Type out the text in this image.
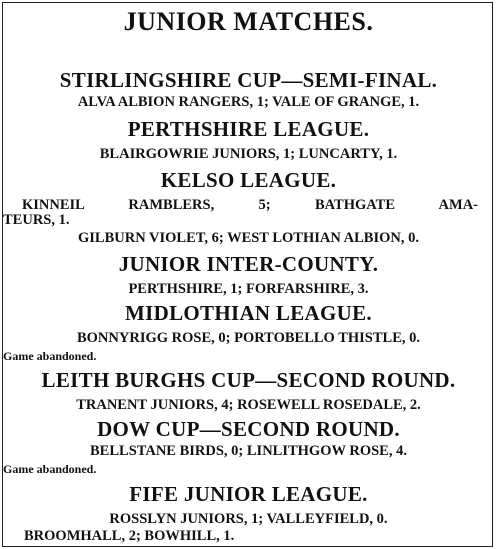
JUNIOR MATCHES.
STIRLINGSHIRE CUP—SEMI-FINAL.
ALVA ALBION RANGERS, 1; VALE OF GRANGE, 1.
PERTHSHIRE LEAGUE.
BLAIRGOWRIE JUNIORS, 1; LUNCARTY, 1.
KELSO LEAGUE.
KINNEIL RAMBLERS, 5; BATHGATE AMA-
TEURS, 1.
GILBURN VIOLET, 6; WEST LOTHIAN ALBION, 0.
JUNIOR INTER-COUNTY.
PERTHSHIRE, 1; FORFARSHIRE, 3.
MIDLOTHIAN LEAGUE.
BONNYRIGG ROSE, 0; PORTOBELLO THISTLE, 0.
Game abandoned.
LEITH BURGHS CUP—SECOND ROUND.
TRANENT JUNIORS, 4; ROSEWELL ROSEDALE, 2.
DOW CUP—SECOND ROUND.
BELLSTANE BIRDS, 0; LINLITHGOW ROSE, 4.
Game abandoned.
FIFE JUNIOR LEAGUE.
ROSSLYN JUNIORS, 1; VALLEYFIELD, 0.
BROOMHALL, 2; BOWHILL, 1.
